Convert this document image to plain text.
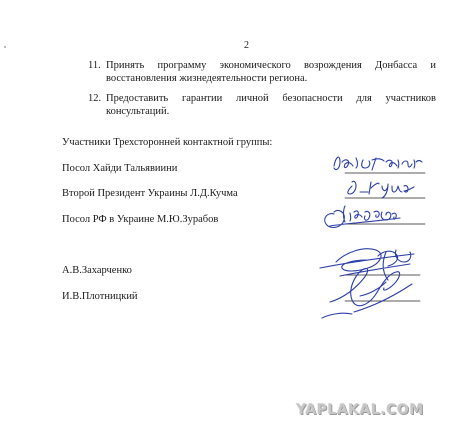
2
11. Принять программу экономического возрождения Донбасса и восстановления жизнедеятельности региона.
12. Предоставить гарантии личной безопасности для участников консультаций.
Участники Трехсторонней контактной группы:
Посол Хайди Тальявиини
Второй Президент Украины Л.Д.Кучма
Посол РФ в Украине М.Ю.Зурабов
А.В.Захарченко
И.В.Плотницкий
YAPLAKAL.COM
